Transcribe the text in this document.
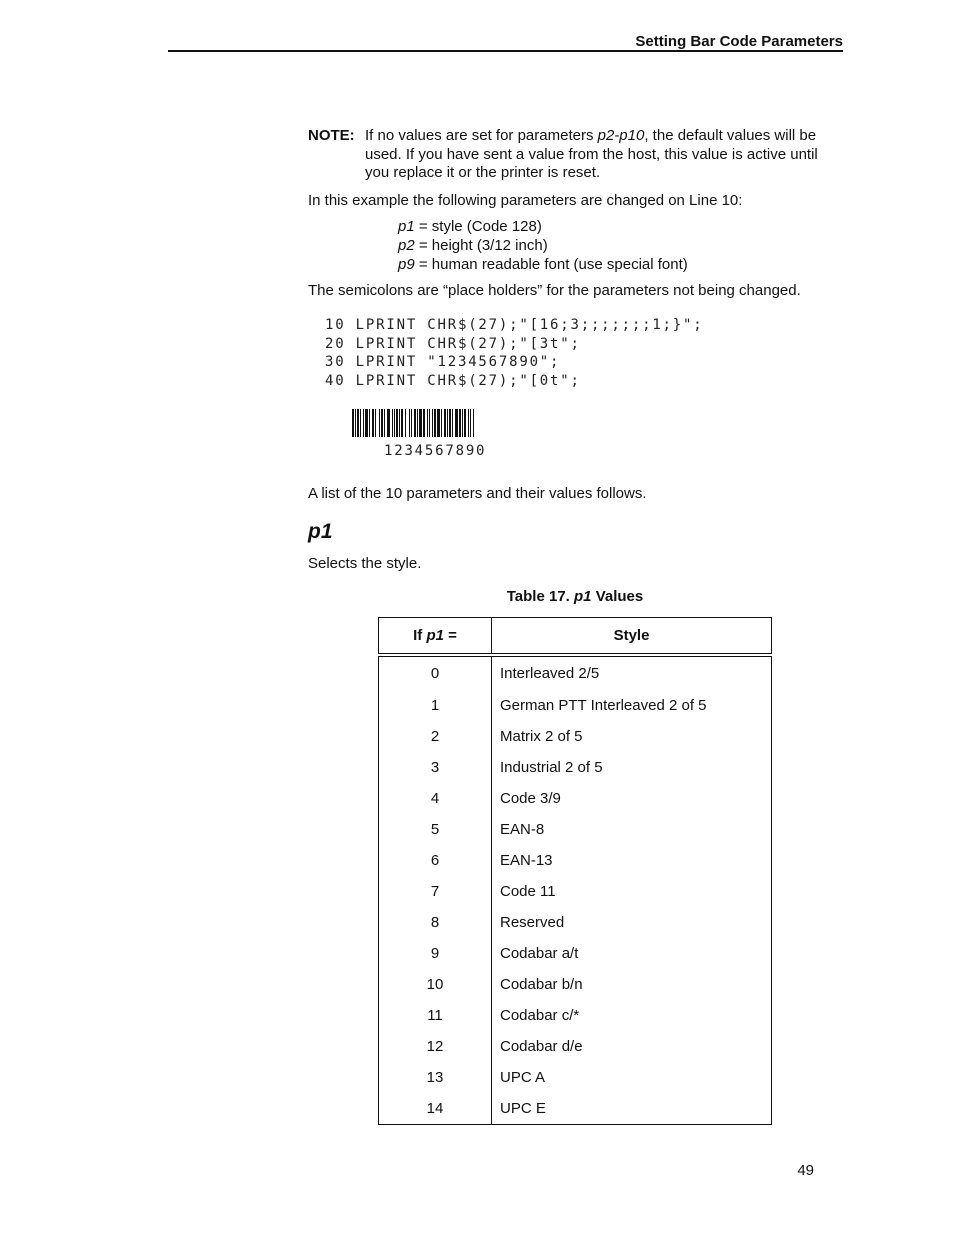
Setting Bar Code Parameters
NOTE: If no values are set for parameters p2-p10, the default values will be used. If you have sent a value from the host, this value is active until you replace it or the printer is reset.
In this example the following parameters are changed on Line 10:
p1 = style (Code 128)
p2 = height (3/12 inch)
p9 = human readable font (use special font)
The semicolons are “place holders” for the parameters not being changed.
10 LPRINT CHR$(27);"[16;3;;;;;;;1;}";
20 LPRINT CHR$(27);"[3t";
30 LPRINT "1234567890";
40 LPRINT CHR$(27);"[0t";
1234567890
A list of the 10 parameters and their values follows.
p1
Selects the style.
Table 17. p1 Values
If p1 =	Style
0	Interleaved 2/5
1	German PTT Interleaved 2 of 5
2	Matrix 2 of 5
3	Industrial 2 of 5
4	Code 3/9
5	EAN-8
6	EAN-13
7	Code 11
8	Reserved
9	Codabar a/t
10	Codabar b/n
11	Codabar c/*
12	Codabar d/e
13	UPC A
14	UPC E
49
